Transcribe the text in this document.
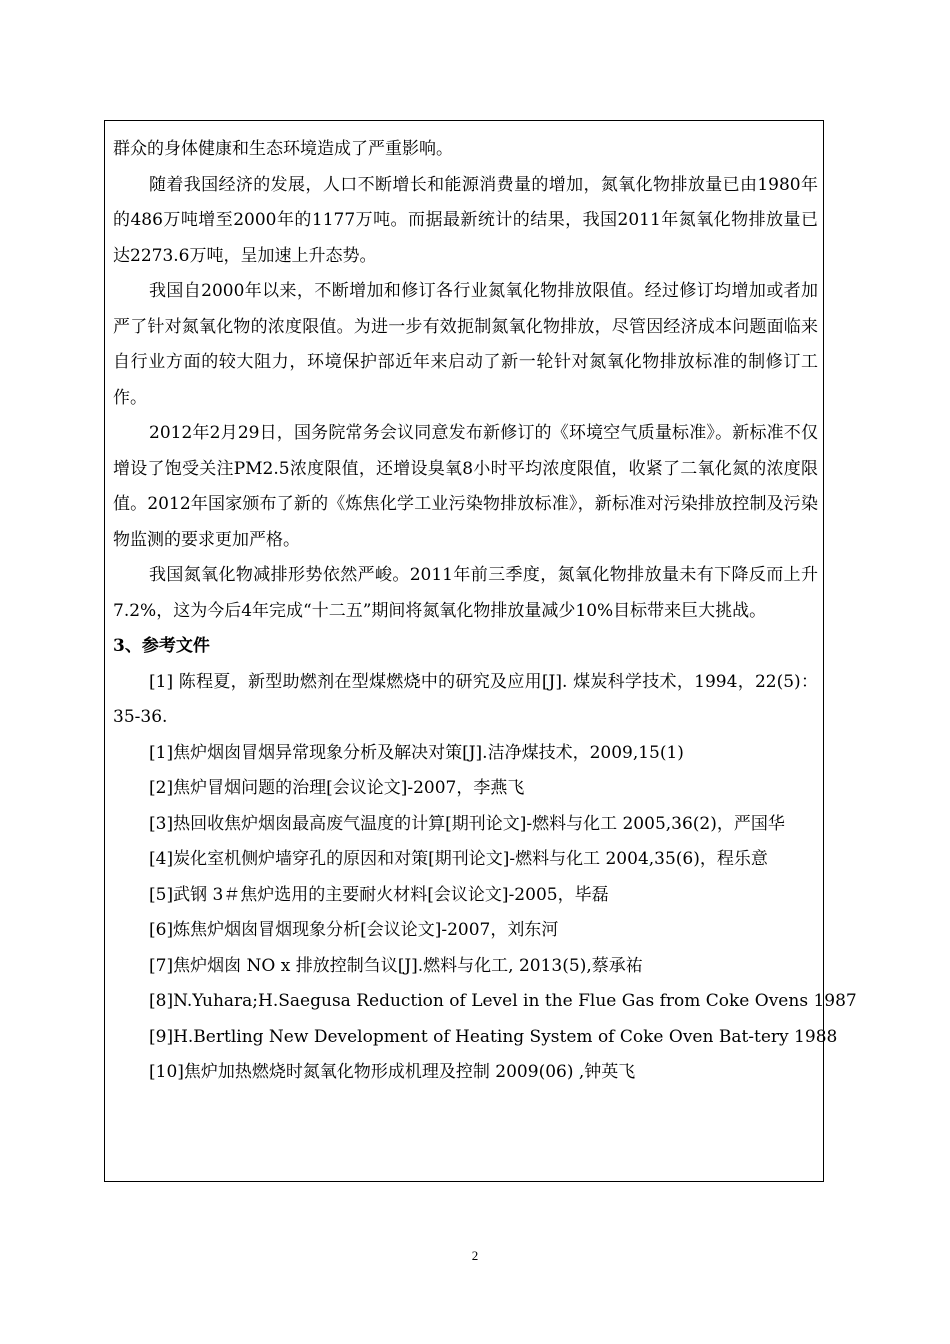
群众的身体健康和生态环境造成了严重影响。

随着我国经济的发展，人口不断增长和能源消费量的增加，氮氧化物排放量已由1980年的486万吨增至2000年的1177万吨。而据最新统计的结果，我国2011年氮氧化物排放量已达2273.6万吨，呈加速上升态势。

我国自2000年以来，不断增加和修订各行业氮氧化物排放限值。经过修订均增加或者加严了针对氮氧化物的浓度限值。为进一步有效扼制氮氧化物排放，尽管因经济成本问题面临来自行业方面的较大阻力，环境保护部近年来启动了新一轮针对氮氧化物排放标准的制修订工作。

2012年2月29日，国务院常务会议同意发布新修订的《环境空气质量标准》。新标准不仅增设了饱受关注PM2.5浓度限值，还增设臭氧8小时平均浓度限值，收紧了二氧化氮的浓度限值。2012年国家颁布了新的《炼焦化学工业污染物排放标准》，新标准对污染排放控制及污染物监测的要求更加严格。

我国氮氧化物减排形势依然严峻。2011年前三季度，氮氧化物排放量未有下降反而上升7.2%，这为今后4年完成“十二五”期间将氮氧化物排放量减少10%目标带来巨大挑战。

3、参考文件

[1] 陈程夏，新型助燃剂在型煤燃烧中的研究及应用[J]. 煤炭科学技术，1994，22(5)：35-36.

[1]焦炉烟囱冒烟异常现象分析及解决对策[J].洁净煤技术，2009,15(1)

[2]焦炉冒烟问题的治理[会议论文]-2007，李燕飞

[3]热回收焦炉烟囱最高废气温度的计算[期刊论文]-燃料与化工 2005,36(2)，严国华

[4]炭化室机侧炉墙穿孔的原因和对策[期刊论文]-燃料与化工 2004,35(6)，程乐意

[5]武钢 3＃焦炉选用的主要耐火材料[会议论文]-2005，毕磊

[6]炼焦炉烟囱冒烟现象分析[会议论文]-2007，刘东河

[7]焦炉烟囱 NO x 排放控制刍议[J].燃料与化工, 2013(5),蔡承祐

[8]N.Yuhara;H.Saegusa Reduction of Level in the Flue Gas from Coke Ovens 1987

[9]H.Bertling New Development of Heating System of Coke Oven Bat-tery 1988

[10]焦炉加热燃烧时氮氧化物形成机理及控制 2009(06) ,钟英飞

2
